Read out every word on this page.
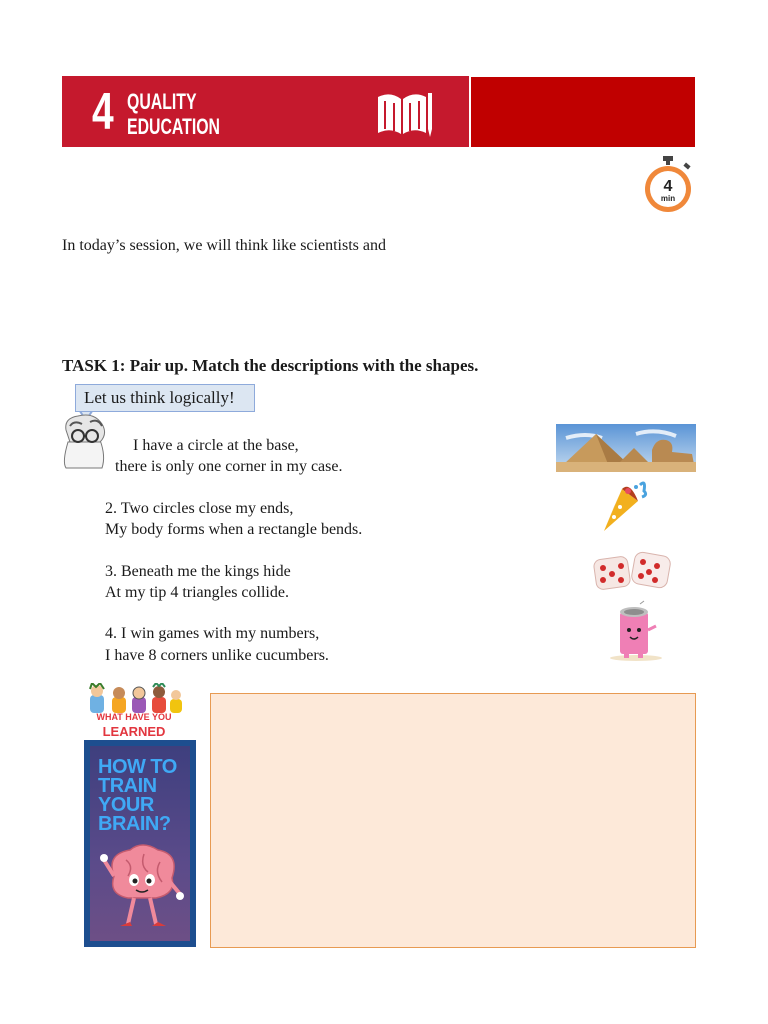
4 QUALITY
EDUCATION
4
min
In today’s session, we will think like scientists and
TASK 1: Pair up. Match the descriptions with the shapes.
Let us think logically!
I have a circle at the base,
there is only one corner in my case.
2. Two circles close my ends,
My body forms when a rectangle bends.
3. Beneath me the kings hide
At my tip 4 triangles collide.
4. I win games with my numbers,
I have 8 corners unlike cucumbers.
WHAT HAVE YOU
LEARNED
HOW TO
TRAIN
YOUR
BRAIN?
